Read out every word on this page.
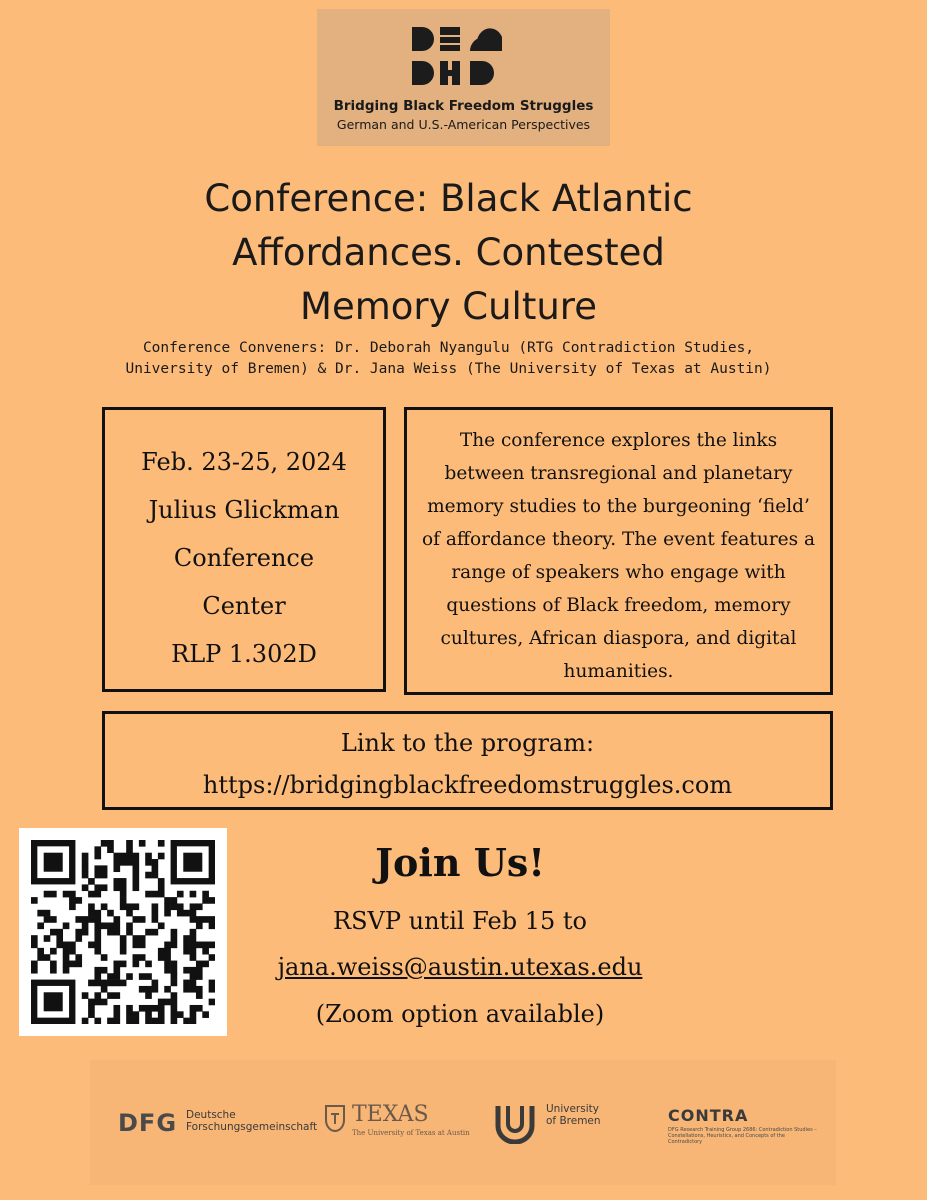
Bridging Black Freedom Struggles
German and U.S.-American Perspectives
Conference: Black Atlantic
Affordances. Contested
Memory Culture
Conference Conveners: Dr. Deborah Nyangulu (RTG Contradiction Studies,
University of Bremen) & Dr. Jana Weiss (The University of Texas at Austin)
Feb. 23-25, 2024
Julius Glickman
Conference
Center
RLP 1.302D
The conference explores the links
between transregional and planetary
memory studies to the burgeoning ‘field’
of affordance theory. The event features a
range of speakers who engage with
questions of Black freedom, memory
cultures, African diaspora, and digital
humanities.
Link to the program:
https://bridgingblackfreedomstruggles.com
Join Us!
RSVP until Feb 15 to
jana.weiss@austin.utexas.edu
(Zoom option available)
DFG Deutsche
Forschungsgemeinschaft TEXAS
The University of Texas at Austin
University
of Bremen	CONTRA
DFG Research Training Group 2686: Contradiction Studies – Constellations, Heuristics, and Concepts of the Contradictory
